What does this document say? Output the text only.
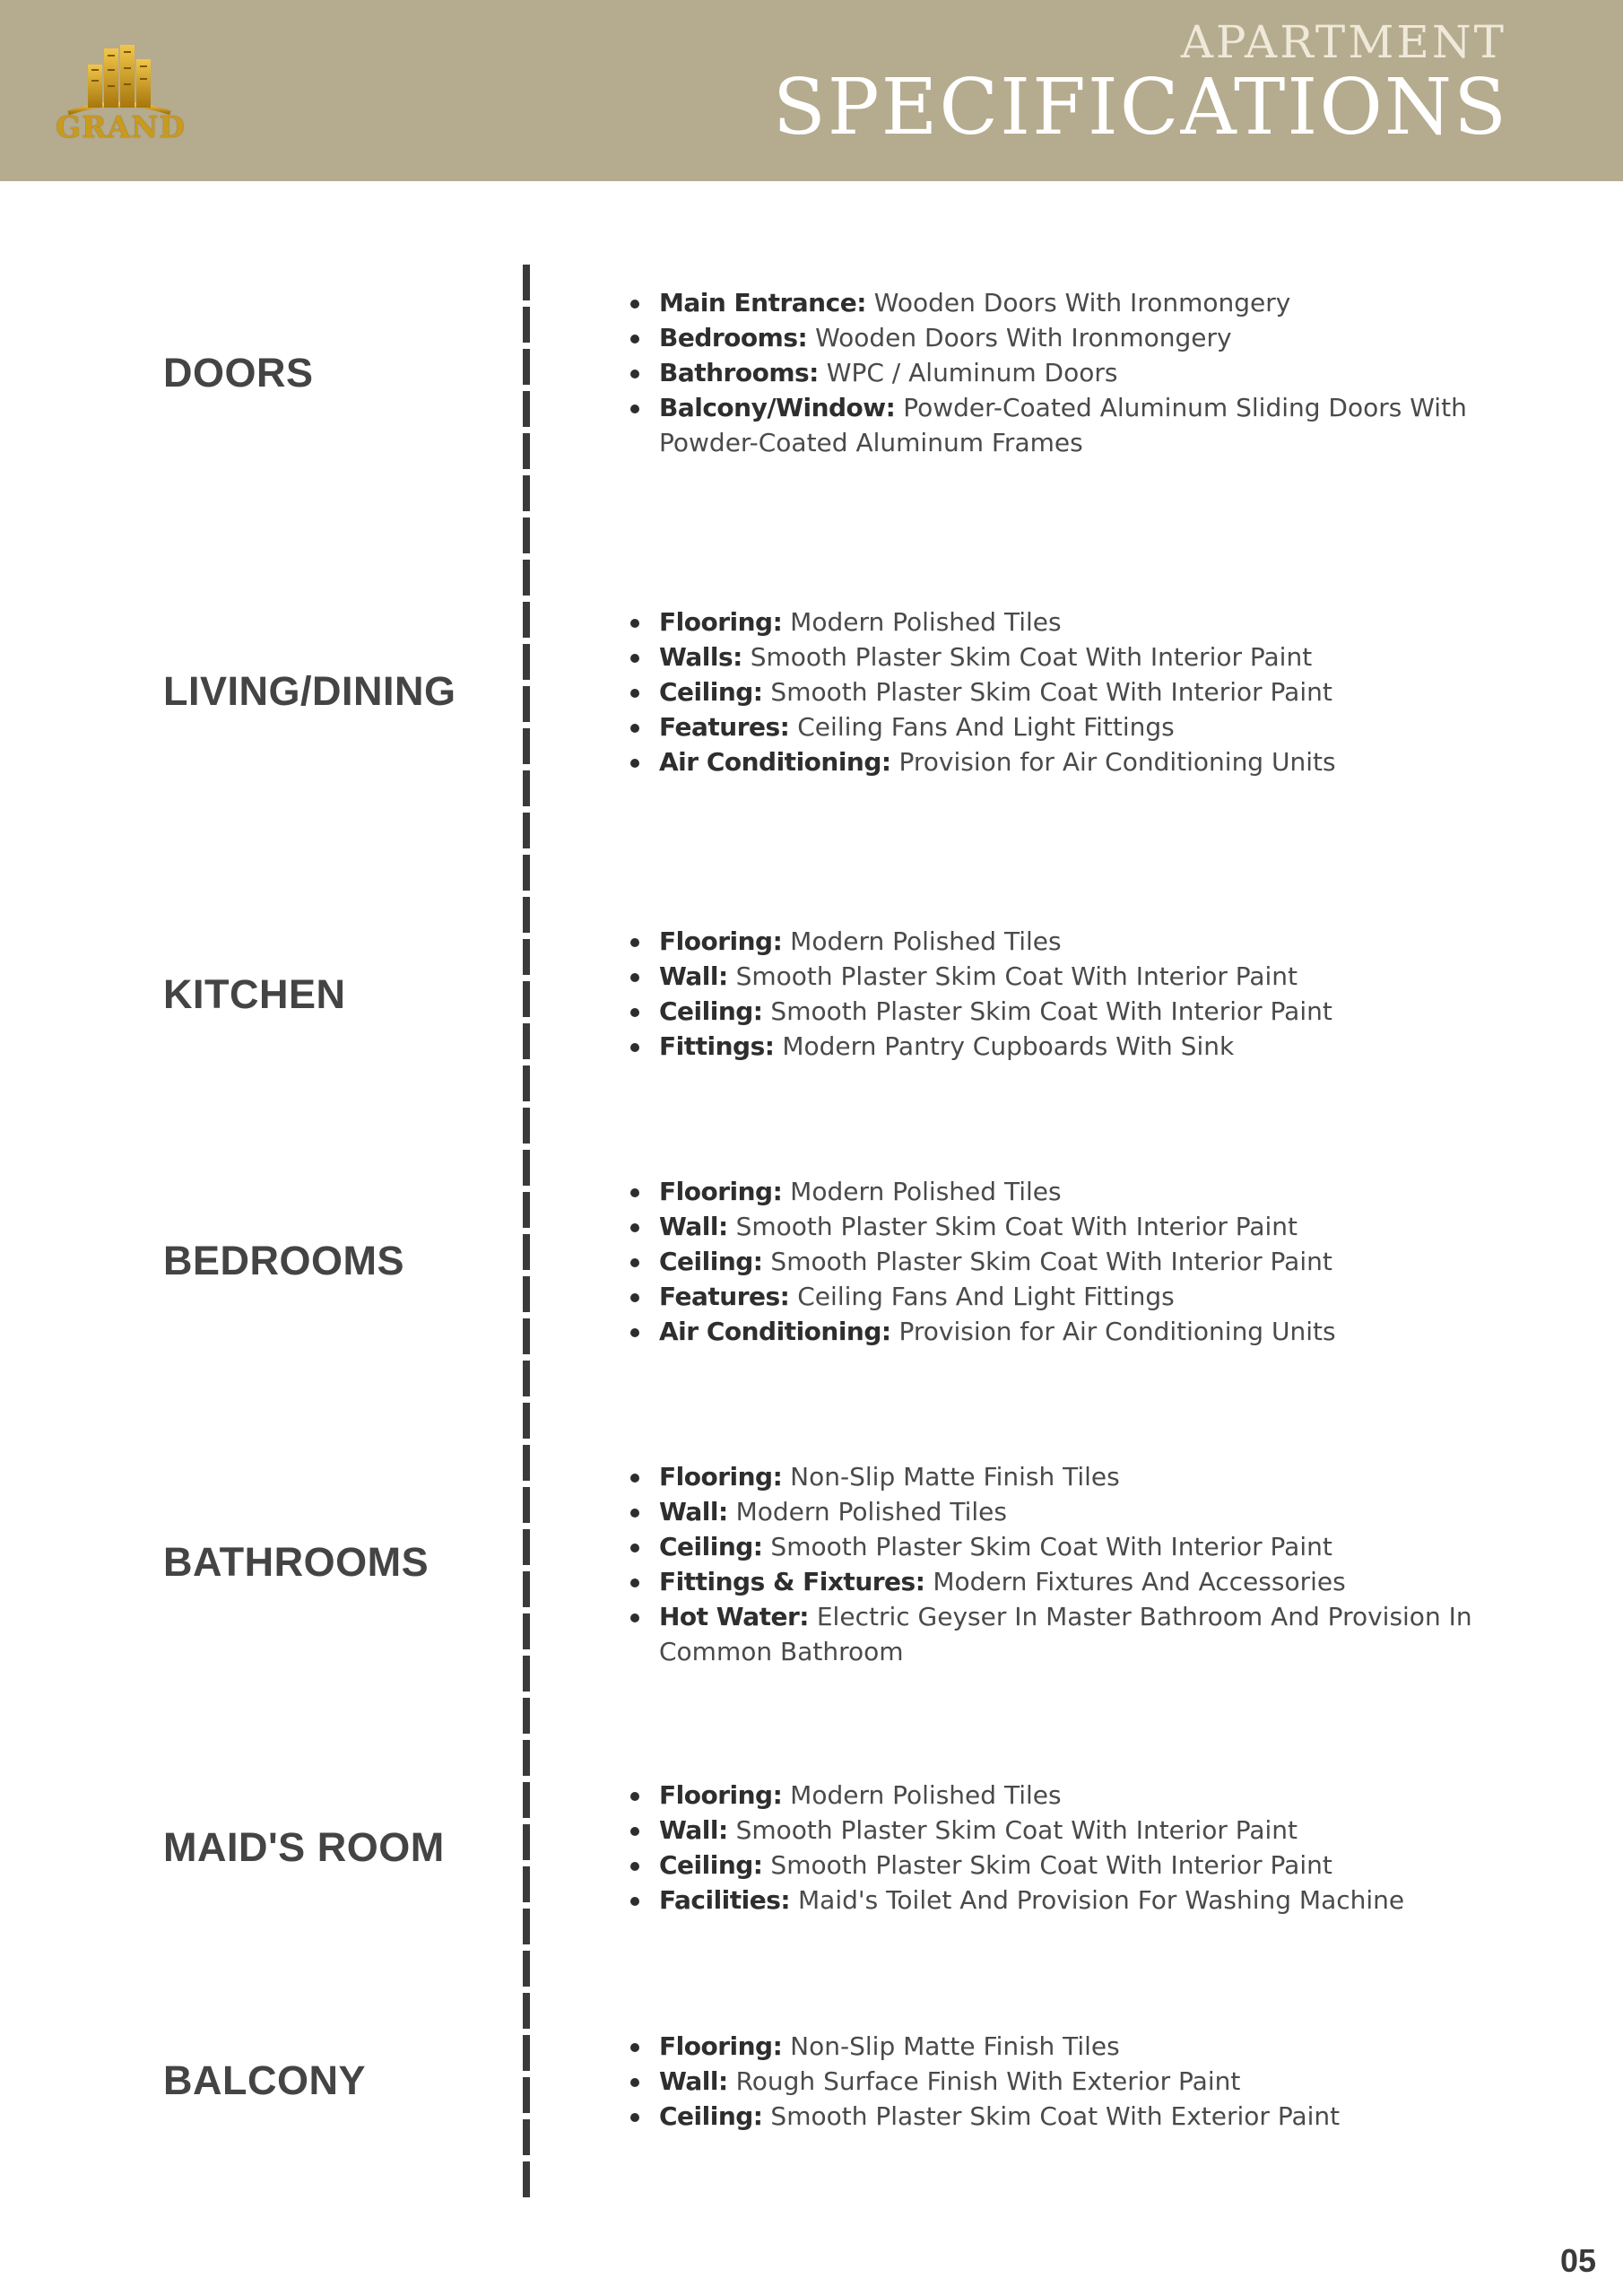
GRAND
APARTMENT
SPECIFICATIONS
DOORS
Main Entrance: Wooden Doors With Ironmongery
Bedrooms: Wooden Doors With Ironmongery
Bathrooms: WPC / Aluminum Doors
Balcony/Window: Powder-Coated Aluminum Sliding Doors With Powder-Coated Aluminum Frames
LIVING/DINING
Flooring: Modern Polished Tiles
Walls: Smooth Plaster Skim Coat With Interior Paint
Ceiling: Smooth Plaster Skim Coat With Interior Paint
Features: Ceiling Fans And Light Fittings
Air Conditioning: Provision for Air Conditioning Units
KITCHEN
Flooring: Modern Polished Tiles
Wall: Smooth Plaster Skim Coat With Interior Paint
Ceiling: Smooth Plaster Skim Coat With Interior Paint
Fittings: Modern Pantry Cupboards With Sink
BEDROOMS
Flooring: Modern Polished Tiles
Wall: Smooth Plaster Skim Coat With Interior Paint
Ceiling: Smooth Plaster Skim Coat With Interior Paint
Features: Ceiling Fans And Light Fittings
Air Conditioning: Provision for Air Conditioning Units
BATHROOMS
Flooring: Non-Slip Matte Finish Tiles
Wall: Modern Polished Tiles
Ceiling: Smooth Plaster Skim Coat With Interior Paint
Fittings & Fixtures: Modern Fixtures And Accessories
Hot Water: Electric Geyser In Master Bathroom And Provision In Common Bathroom
MAID'S ROOM
Flooring: Modern Polished Tiles
Wall: Smooth Plaster Skim Coat With Interior Paint
Ceiling: Smooth Plaster Skim Coat With Interior Paint
Facilities: Maid's Toilet And Provision For Washing Machine
BALCONY
Flooring: Non-Slip Matte Finish Tiles
Wall: Rough Surface Finish With Exterior Paint
Ceiling: Smooth Plaster Skim Coat With Exterior Paint
05
